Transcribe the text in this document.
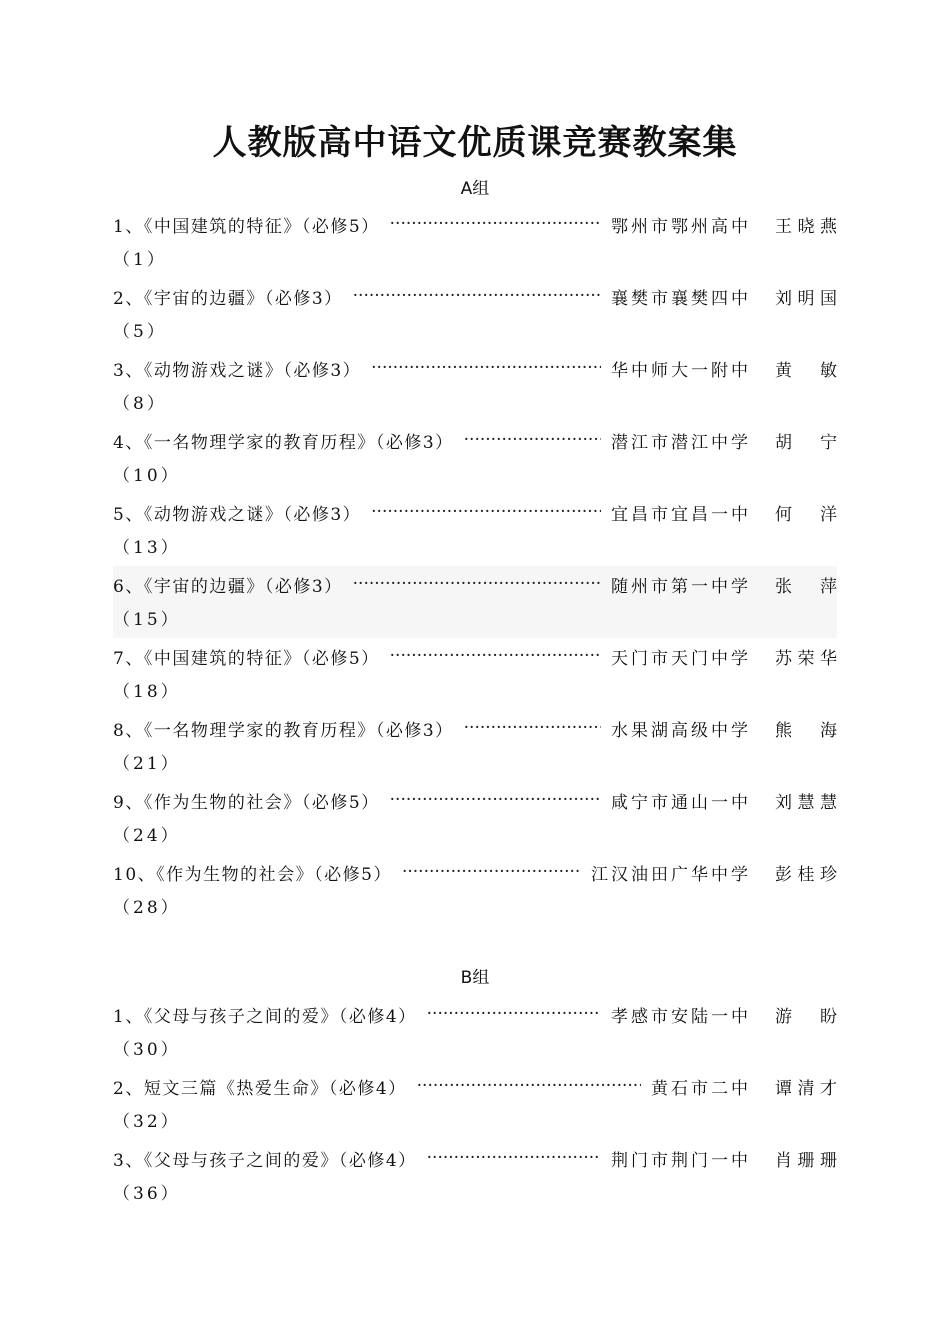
人教版高中语文优质课竞赛教案集
A组
1、《中国建筑的特征》（必修5） ·····	鄂州市鄂州高中 王晓燕
（1）
2、《宇宙的边疆》（必修3） ·····	襄樊市襄樊四中 刘明国
（5）
3、《动物游戏之谜》（必修3） ·····	华中师大一附中 黄 敏
（8）
4、《一名物理学家的教育历程》（必修3） ·····	潜江市潜江中学 胡 宁
（10）
5、《动物游戏之谜》（必修3） ·····	宜昌市宜昌一中 何 洋
（13）
6、《宇宙的边疆》（必修3） ·····	随州市第一中学 张 萍
（15）
7、《中国建筑的特征》（必修5） ·····	天门市天门中学 苏荣华
（18）
8、《一名物理学家的教育历程》（必修3） ·····	水果湖高级中学 熊 海
（21）
9、《作为生物的社会》（必修5） ·····	咸宁市通山一中 刘慧慧
（24）
10、《作为生物的社会》（必修5） ·····	江汉油田广华中学 彭桂珍
（28）
B组
1、《父母与孩子之间的爱》（必修4） ·····	孝感市安陆一中 游 盼
（30）
2、短文三篇《热爱生命》（必修4） ·····	黄石市二中 谭清才
（32）
3、《父母与孩子之间的爱》（必修4） ·····	荆门市荆门一中 肖珊珊
（36）
